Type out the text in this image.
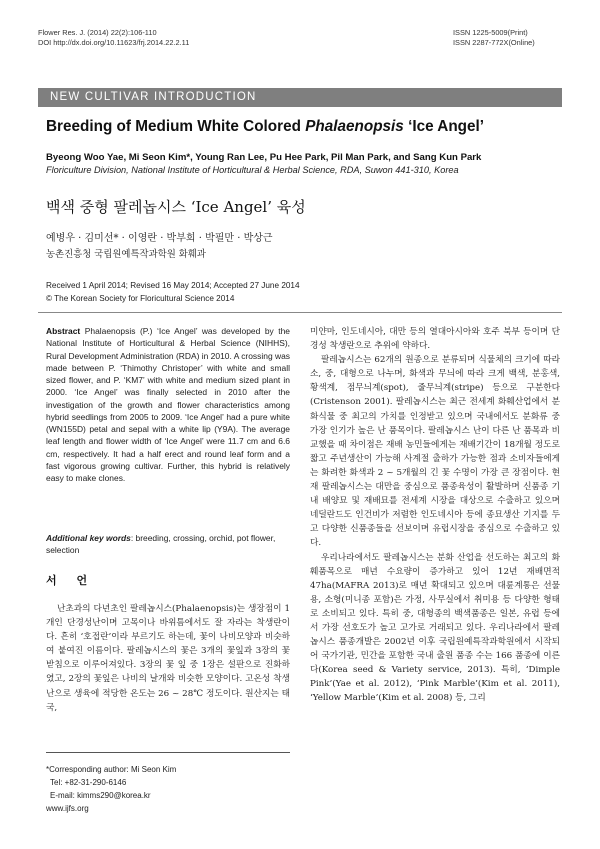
Flower Res. J. (2014) 22(2):106-110
DOI http://dx.doi.org/10.11623/frj.2014.22.2.11
ISSN 1225-5009(Print)
ISSN 2287-772X(Online)
NEW CULTIVAR INTRODUCTION
Breeding of Medium White Colored Phalaenopsis ‘Ice Angel’
Byeong Woo Yae, Mi Seon Kim*, Young Ran Lee, Pu Hee Park, Pil Man Park, and Sang Kun Park
Floriculture Division, National Institute of Horticultural & Herbal Science, RDA, Suwon 441-310, Korea
백색 중형 팔레놉시스 ‘Ice Angel’ 육성
예병우 · 김미선* · 이영란 · 박부희 · 박필만 · 박상근
농촌진흥청 국립원예특작과학원 화훼과
Received 1 April 2014; Revised 16 May 2014; Accepted 27 June 2014
© The Korean Society for Floricultural Science 2014
Abstract Phalaenopsis (P.) ‘Ice Angel’ was developed by the National Institute of Horticultural & Herbal Science (NIHHS), Rural Development Administration (RDA) in 2010. A crossing was made between P. ‘Thimothy Christoper’ with white and small sized flower, and P. ‘KM7’ with white and medium sized plant in 2000. ‘Ice Angel’ was finally selected in 2010 after the investigation of the growth and flower characteristics among hybrid seedlings from 2005 to 2009. ‘Ice Angel’ had a pure white (WN155D) petal and sepal with a white lip (Y9A). The average leaf length and flower width of ‘Ice Angel’ were 11.7 cm and 6.6 cm, respectively. It had a half erect and round leaf form and a fast vigorous growing cultivar. Further, this hybrid is relatively easy to make clones.
Additional key words: breeding, crossing, orchid, pot flower, selection
서 언
난초과의 다년초인 팔레놉시스(Phalaenopsis)는 생장점이 1개인 단경성난이며 고목이나 바위틈에서도 잘 자라는 착생란이다. 흔히 ‘호접란’이라 부르기도 하는데, 꽃이 나비모양과 비슷하여 붙여진 이름이다. 팔레놉시스의 꽃은 3개의 꽃잎과 3장의 꽃받침으로 이루어져있다. 3장의 꽃 잎 중 1장은 설판으로 진화하였고, 2장의 꽃잎은 나비의 날개와 비슷한 모양이다. 고온성 착생난으로 생육에 적당한 온도는 26 ~ 28℃ 정도이다. 원산지는 태국,
*Corresponding author: Mi Seon Kim
Tel: +82-31-290-6146
E-mail: kimms290@korea.kr
www.ijfs.org
미얀마, 인도네시아, 대만 등의 열대아시아와 호주 북부 등이며 단경성 착생란으로 추위에 약하다.
팔레놉시스는 62개의 원종으로 분류되며 식물체의 크기에 따라 소, 중, 대형으로 나누며, 화색과 무늬에 따라 크게 백색, 분홍색, 황색계, 점무늬계(spot), 줄무늬계(stripe) 등으로 구분한다(Cristenson 2001). 팔레놉시스는 최근 전세계 화훼산업에서 분화식물 중 최고의 가치를 인정받고 있으며 국내에서도 분화류 중 가장 인기가 높은 난 품목이다. 팔레놉시스 난이 다른 난 품목과 비교했을 때 차이점은 재배 농민들에게는 재배기간이 18개월 정도로 짧고 주년생산이 가능해 사계절 출하가 가능한 점과 소비자들에게는 화려한 화색과 2 ~ 5개월의 긴 꽃 수명이 가장 큰 장점이다. 현재 팔레놉시스는 대만을 중심으로 품종육성이 활발하며 신품종 기내 배양묘 및 재배묘를 전세계 시장을 대상으로 수출하고 있으며 네덜란드도 인건비가 저렴한 인도네시아 등에 종묘생산 기지를 두고 다양한 신품종들을 선보이며 유럽시장을 중심으로 수출하고 있다.
우리나라에서도 팔레놉시스는 분화 산업을 선도하는 최고의 화훼품목으로 매년 수요량이 증가하고 있어 12년 재배면적 47ha(MAFRA 2013)로 매년 확대되고 있으며 대륜계통은 선물용, 소형(미니종 포함)은 가정, 사무실에서 취미용 등 다양한 형태로 소비되고 있다. 특히 중, 대형종의 백색품종은 일본, 유럽 등에서 가장 선호도가 높고 고가로 거래되고 있다. 우리나라에서 팔레놉시스 품종개발은 2002년 이후 국립원예특작과학원에서 시작되어 국가기관, 민간을 포함한 국내 출원 품종 수는 166 품종에 이른다(Korea seed & Variety service, 2013). 특히, ‘Dimple Pink’(Yae et al. 2012), ‘Pink Marble’(Kim et al. 2011), ‘Yellow Marble’(Kim et al. 2008) 등, 그리
